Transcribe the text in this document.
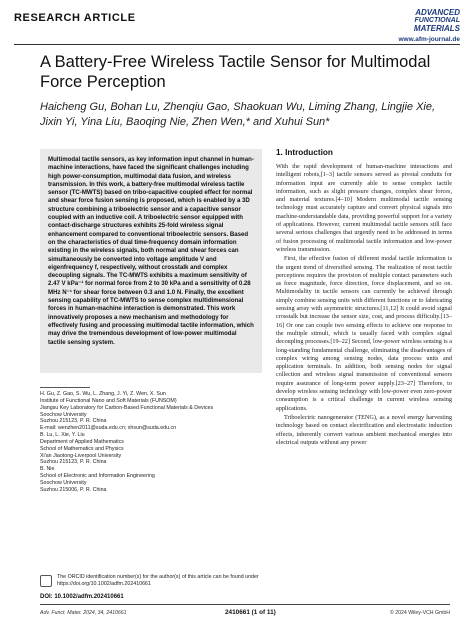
RESEARCH ARTICLE	ADVANCED
FUNCTIONAL
MATERIALS
www.afm-journal.de
A Battery-Free Wireless Tactile Sensor for Multimodal Force Perception

Haicheng Gu, Bohan Lu, Zhenqiu Gao, Shaokuan Wu, Liming Zhang, Lingjie Xie, Jixin Yi, Yina Liu, Baoqing Nie, Zhen Wen,* and Xuhui Sun*

Multimodal tactile sensors, as key information input channel in human-machine interactions, have faced the significant challenges including high power-consumption, multimodal data fusion, and wireless transmission. In this work, a battery-free multimodal wireless tactile sensor (TC-MWTS) based on tribo-capacitive coupled effect for normal and shear force fusion sensing is proposed, which is enabled by a 3D structure combining a triboelectric sensor and a capacitive sensor coupled with an inductive coil. A triboelectric sensor equipped with contact-discharge structures exhibits 25-fold wireless signal enhancement compared to conventional triboelectric sensors. Based on the characteristics of dual time-frequency domain information existing in the wireless signals, both normal and shear forces can simultaneously be converted into voltage amplitude V and eigenfrequency f, respectively, without crosstalk and complex decoupling signals. The TC-MWTS exhibits a maximum sensitivity of 2.47 V kPa⁻¹ for normal force from 2 to 30 kPa and a sensitivity of 0.28 MHz N⁻¹ for shear force between 0.3 and 1.0 N. Finally, the excellent sensing capability of TC-MWTS to sense complex multidimensional forces in human-machine interaction is demonstrated. This work innovatively proposes a new mechanism and methodology for effectively fusing and processing multimodal tactile information, which may drive the tremendous development of low-power multimodal tactile sensing system.
H. Gu, Z. Gao, S. Wu, L. Zhang, J. Yi, Z. Wen, X. Sun
Institute of Functional Nano and Soft Materials (FUNSOM)
Jiangsu Key Laboratory for Carbon-Based Functional Materials & Devices
Soochow University
Suzhou 215123, P. R. China
E-mail: wenzhen2011@suda.edu.cn; xhsun@suda.edu.cn
B. Lu, L. Xie, Y. Liu
Department of Applied Mathematics
School of Mathematics and Physics
Xi'an Jiaotong-Liverpool University
Suzhou 215123, P. R. China
B. Nie
School of Electronic and Information Engineering
Soochow University
Suzhou 215006, P. R. China
The ORCID identification number(s) for the author(s) of this article can be found under https://doi.org/10.1002/adfm.202410661
DOI: 10.1002/adfm.202410661
1. Introduction

With the rapid development of human-machine interactions and intelligent robots,[1–3] tactile sensors served as pivotal conduits for information input are currently able to sense complex tactile information, such as slight pressure changes, complex shear forces, and material textures.[4–10] Modern multimodal tactile sensing technology must accurately capture and convert physical signals into machine-understandable data, providing powerful support for a variety of applications. However, current multimodal tactile sensors still face several serious challenges that urgently need to be addressed in terms of fusion processing of multimodal tactile information and low-power wireless transmission.

First, the effective fusion of different modal tactile information is the urgent trend of diversified sensing. The realization of most tactile perceptions requires the provision of multiple contact parameters such as force magnitude, force direction, force displacement, and so on. Multimodality in tactile sensors can currently be achieved through simply combine sensing units with different functions or to fabricating sensing array with asymmetric structures.[11,12] It could avoid signal crosstalk but increase the sensor size, cost, and process difficulty.[13–16] Or one can couple two sensing effects to achieve one response to the multiple stimuli, which is usually faced with complex signal decoupling processes.[19–22] Second, low-power wireless sensing is a long-standing fundamental challenge, eliminating the disadvantages of complex wiring among sensing nodes, data process units and application terminals. In addition, both sensing nodes for signal collection and wireless signal transmission of conventional sensors require assurance of long-term power supply.[23–27] Therefore, to develop wireless sensing technology with low-power even zero-power consumption is a critical challenge in current wireless sensing applications.

Triboelectric nanogenerator (TENG), as a novel energy harvesting technology based on contact electrification and electrostatic induction effects, inherently convert various ambient mechanical energies into electrical outputs without any power

Adv. Funct. Mater. 2024, 34, 2410661	2410661 (1 of 11)	© 2024 Wiley-VCH GmbH
